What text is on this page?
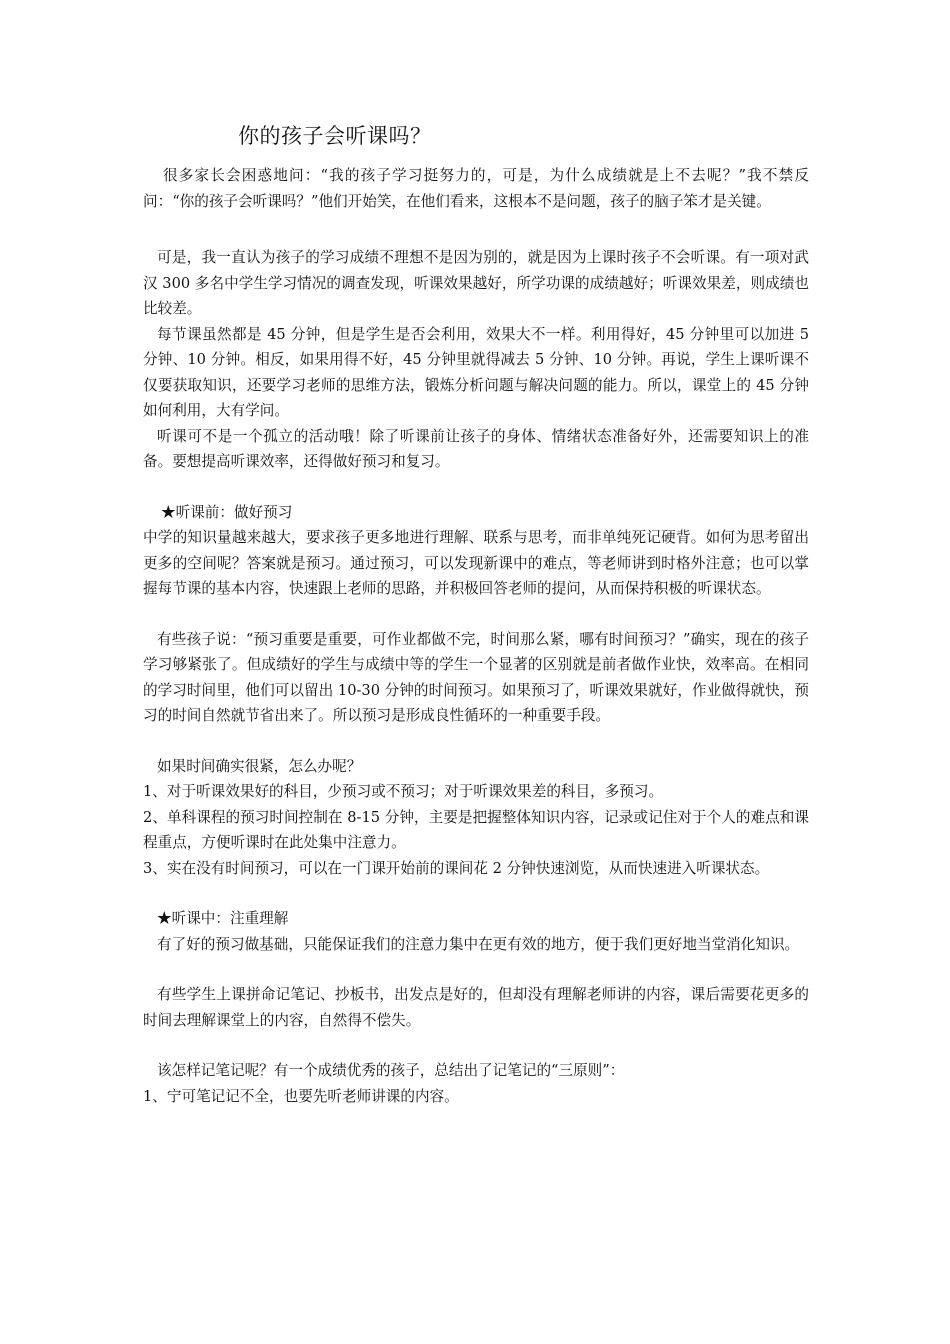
你的孩子会听课吗？

很多家长会困惑地问：“我的孩子学习挺努力的，可是，为什么成绩就是上不去呢？”我不禁反问：“你的孩子会听课吗？”他们开始笑，在他们看来，这根本不是问题，孩子的脑子笨才是关键。

可是，我一直认为孩子的学习成绩不理想不是因为别的，就是因为上课时孩子不会听课。有一项对武汉 300 多名中学生学习情况的调查发现，听课效果越好，所学功课的成绩越好；听课效果差，则成绩也比较差。

每节课虽然都是 45 分钟，但是学生是否会利用，效果大不一样。利用得好，45 分钟里可以加进 5 分钟、10 分钟。相反，如果用得不好，45 分钟里就得减去 5 分钟、10 分钟。再说，学生上课听课不仅要获取知识，还要学习老师的思维方法，锻炼分析问题与解决问题的能力。所以，课堂上的 45 分钟如何利用，大有学问。

听课可不是一个孤立的活动哦！除了听课前让孩子的身体、情绪状态准备好外，还需要知识上的准备。要想提高听课效率，还得做好预习和复习。

★听课前：做好预习

中学的知识量越来越大，要求孩子更多地进行理解、联系与思考，而非单纯死记硬背。如何为思考留出更多的空间呢？答案就是预习。通过预习，可以发现新课中的难点，等老师讲到时格外注意；也可以掌握每节课的基本内容，快速跟上老师的思路，并积极回答老师的提问，从而保持积极的听课状态。

有些孩子说：“预习重要是重要，可作业都做不完，时间那么紧，哪有时间预习？”确实，现在的孩子学习够紧张了。但成绩好的学生与成绩中等的学生一个显著的区别就是前者做作业快，效率高。在相同的学习时间里，他们可以留出 10-30 分钟的时间预习。如果预习了，听课效果就好，作业做得就快，预习的时间自然就节省出来了。所以预习是形成良性循环的一种重要手段。

如果时间确实很紧，怎么办呢？

1、对于听课效果好的科目，少预习或不预习；对于听课效果差的科目，多预习。

2、单科课程的预习时间控制在 8-15 分钟，主要是把握整体知识内容，记录或记住对于个人的难点和课程重点，方便听课时在此处集中注意力。

3、实在没有时间预习，可以在一门课开始前的课间花 2 分钟快速浏览，从而快速进入听课状态。

★听课中：注重理解

有了好的预习做基础，只能保证我们的注意力集中在更有效的地方，便于我们更好地当堂消化知识。

有些学生上课拼命记笔记、抄板书，出发点是好的，但却没有理解老师讲的内容，课后需要花更多的时间去理解课堂上的内容，自然得不偿失。

该怎样记笔记呢？有一个成绩优秀的孩子，总结出了记笔记的“三原则”：

1、宁可笔记记不全，也要先听老师讲课的内容。
